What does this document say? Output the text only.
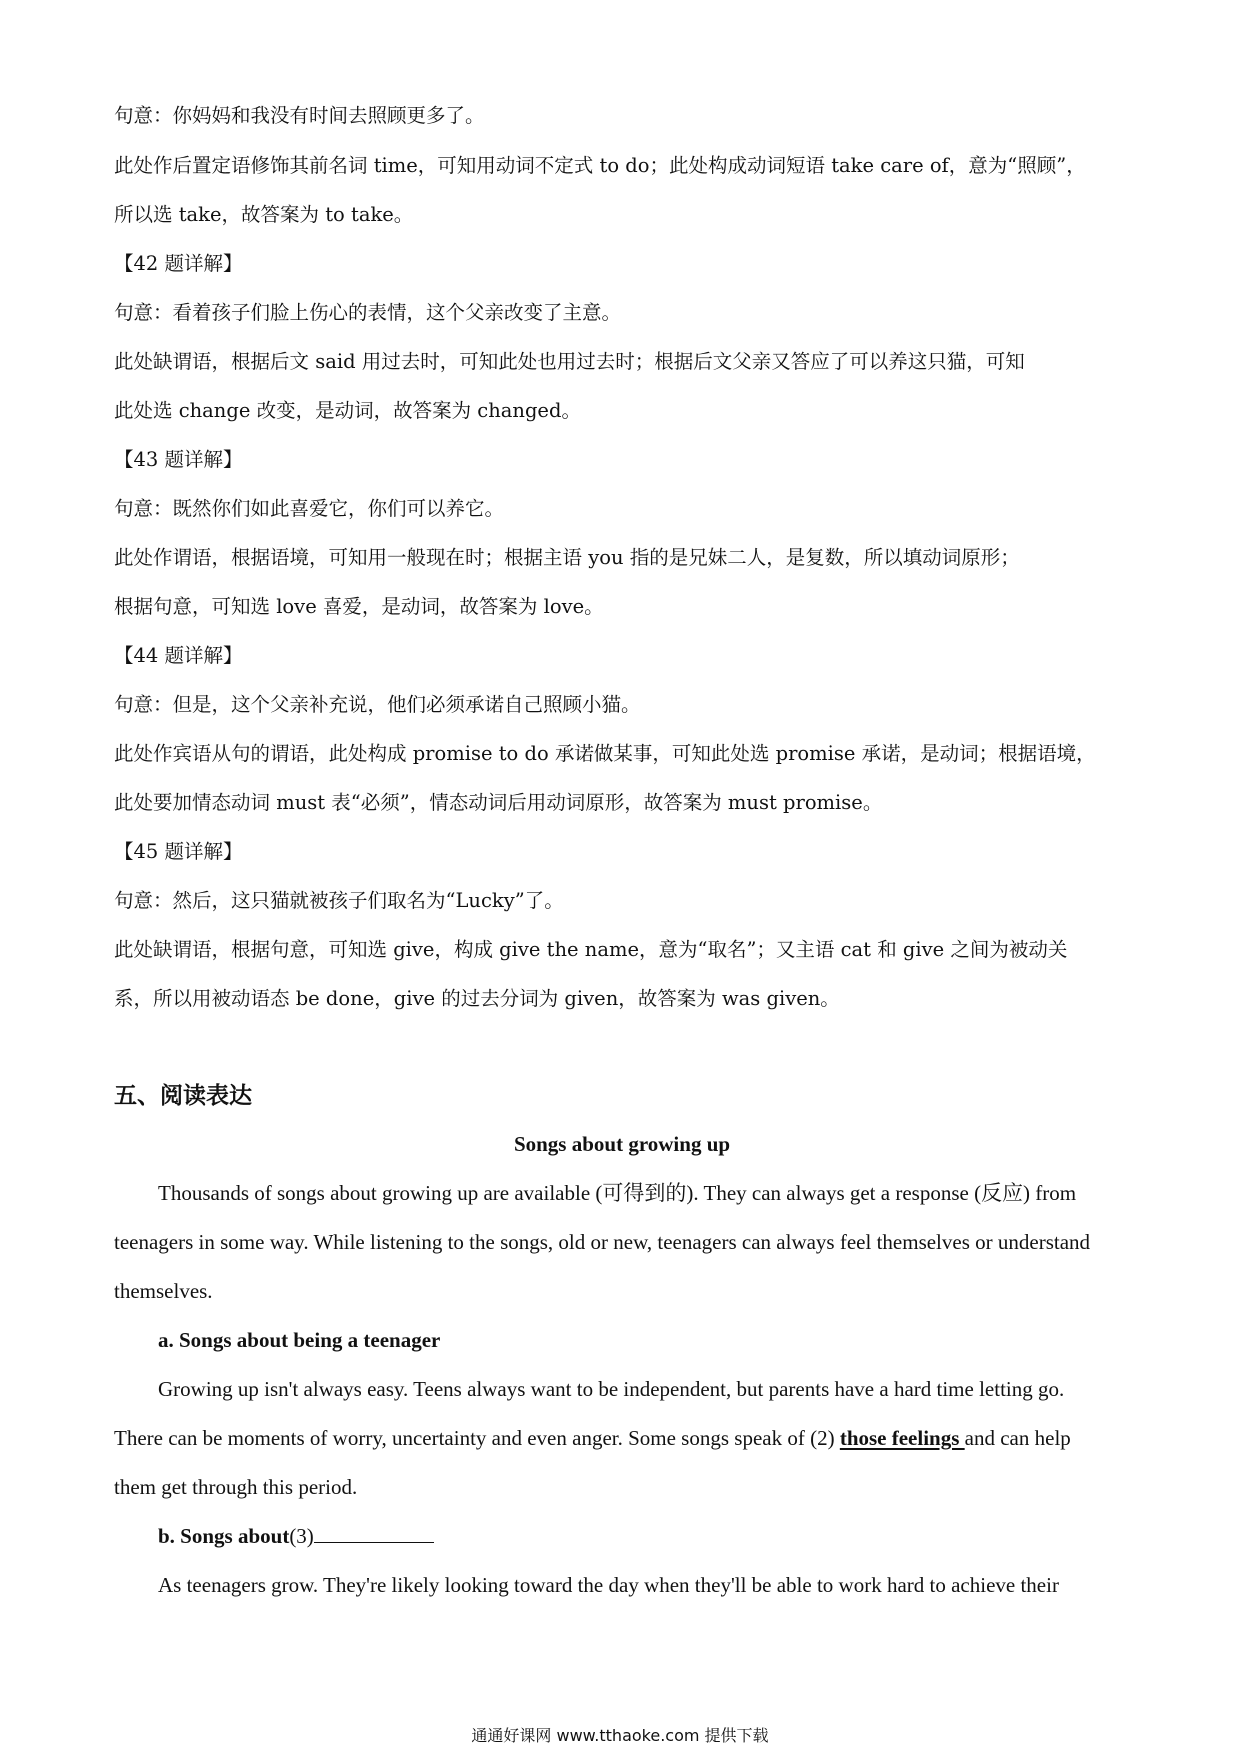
句意：你妈妈和我没有时间去照顾更多了。
此处作后置定语修饰其前名词 time，可知用动词不定式 to do；此处构成动词短语 take care of，意为“照顾”，
所以选 take，故答案为 to take。
【42 题详解】
句意：看着孩子们脸上伤心的表情，这个父亲改变了主意。
此处缺谓语，根据后文 said 用过去时，可知此处也用过去时；根据后文父亲又答应了可以养这只猫，可知
此处选 change 改变，是动词，故答案为 changed。
【43 题详解】
句意：既然你们如此喜爱它，你们可以养它。
此处作谓语，根据语境，可知用一般现在时；根据主语 you 指的是兄妹二人，是复数，所以填动词原形；
根据句意，可知选 love 喜爱，是动词，故答案为 love。
【44 题详解】
句意：但是，这个父亲补充说，他们必须承诺自己照顾小猫。
此处作宾语从句的谓语，此处构成 promise to do 承诺做某事，可知此处选 promise 承诺，是动词；根据语境，
此处要加情态动词 must 表“必须”，情态动词后用动词原形，故答案为 must promise。
【45 题详解】
句意：然后，这只猫就被孩子们取名为“Lucky”了。
此处缺谓语，根据句意，可知选 give，构成 give the name，意为“取名”；又主语 cat 和 give 之间为被动关
系，所以用被动语态 be done，give 的过去分词为 given，故答案为 was given。
五、阅读表达
Songs about growing up
Thousands of songs about growing up are available (可得到的). They can always get a response (反应) from
teenagers in some way. While listening to the songs, old or new, teenagers can always feel themselves or understand
themselves.
a. Songs about being a teenager
Growing up isn't always easy. Teens always want to be independent, but parents have a hard time letting go.
There can be moments of worry, uncertainty and even anger. Some songs speak of (2) those feelings and can help
them get through this period.
b. Songs about(3)
As teenagers grow. They're likely looking toward the day when they'll be able to work hard to achieve their
通通好课网 www.tthaoke.com 提供下载
